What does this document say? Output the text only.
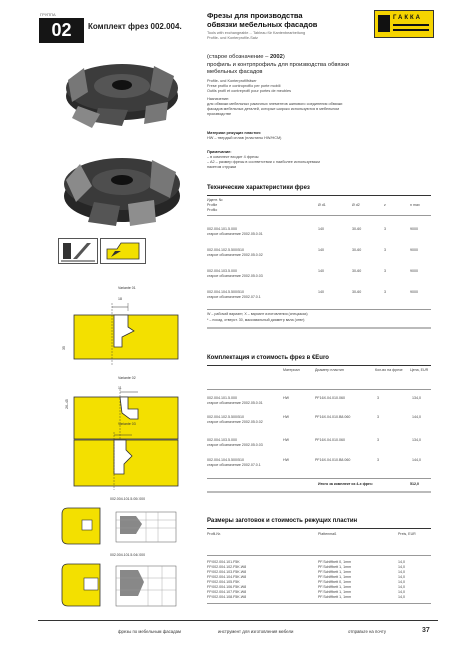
ГРУППА
02	Комплект фрез 002.004.
ГАККА
Фрезы для производства
обвязки мебельных фасадов
Tools with exchangeable… Tableau für Kantenbearbeitung
Profile- und Konterprofile-Satz
(старое обозначение – 2002)
профиль и контрпрофиль для производства обвязки
мебельных фасадов
Profile- und Konterprofilfräser
Frese profilo e controprofilo per porte mobili
Outils profil et contreprofil pour portes de meubles
Назначение:
для обвязки мебельных рамочных элементов шипового соединения обвязки
фасадов мебельных деталей, которые широко используются в мебельном
производстве
Материал режущих пластин:
HW – твердый сплав (пластины HW/HCM)
Примечание:
– в комплект входит 4 фрезы
– A2 – размер фрезы в соответствии с наиболее используемым
пакетом стружки
Технические характеристики фрез
Идент. №
Profile
Profilo
Ø d1	Ø d2	z	n max
002.004.101.5.000
старое обозначение 2002.05.0.01
140	30-60	3	9000
002.004.102.5.500/510
старое обозначение 2002.05.0.02
140	30-60	3	9000
002.004.103.5.000
старое обозначение 2002.05.0.03
140	30-60	3	9000
002.004.104.5.500/510
старое обозначение 2002.07.0.1
140	30-60	3	9000
W – рабочий вариант, X – вариант изготовления (спецзаказ)
* – посад. отверст. 30, максимальный диаметр вала (отвн)
Комплектация и стоимость фрез в €Euro
Материал	Диаметр пластин	Кол-во на фрезе Цена, EUR
002.004.101.5.000
старое обозначение 2002.05.0.01
HW	PF16X.04.010.060	3	134,0
002.004.102.5.500/510
старое обозначение 2002.05.0.02
HW	PF16X.04.010.B8.060	3	144,0
002.004.103.5.000
старое обозначение 2002.05.0.03
HW	PF16X.04.010.060	3	134,0
002.004.104.5.500/510
старое обозначение 2002.07.0.1
HW	PF16X.04.010.B8.060	3	144,0
Итого за комплект из 4-х фрез:	512,0
Размеры заготовок и стоимость режущих пластин
Profil-Nr.	Plattenmaß	Preis, EUR
FP.002.004.101.F5K	PF.Schiffbett 0, 1mm	14,0
FP.002.004.102.F5K.W8	PF.Schiffbett 1, 1mm	14,0
FP.002.004.103.F5K.W8	PF.Schiffbett 1, 1mm	14,0
FP.002.004.104.F5K.W8	PF.Schiffbett 1, 1mm	14,0
FP.002.004.105.F5K	PF.Schiffbett 0, 1mm	14,0
FP.002.004.106.F5K.W8	PF.Schiffbett 1, 1mm	14,0
FP.002.004.107.F5K.W8	PF.Schiffbett 1, 1mm	14,0
FP.002.004.108.F5K.W8	PF.Schiffbett 1, 1mm	14,0
Variante 01
18
35
Variante 02
11
26–45
Variante 03
002.004.101.5.00/.000
002.004.101.5.04/.000
фрезы по мебельным фасадам	инструмент для изготовления мебели	отправьте на почту	37
